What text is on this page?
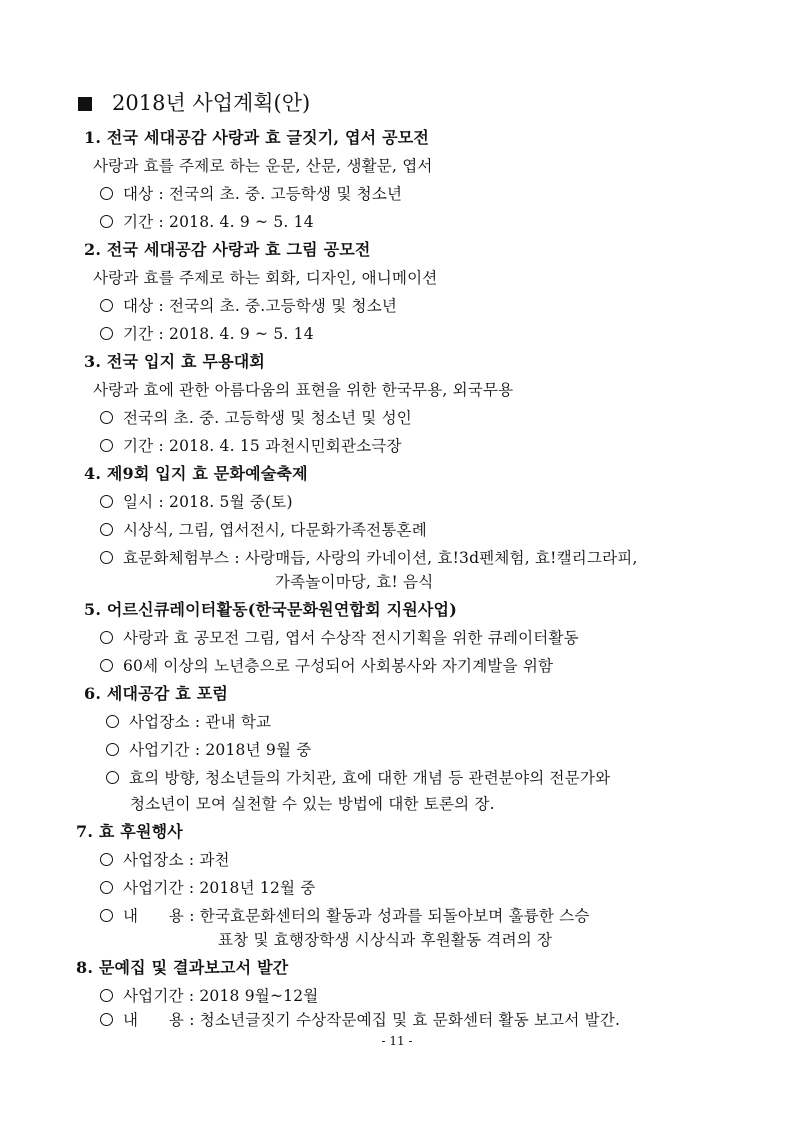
2018년 사업계획(안)
1. 전국 세대공감 사랑과 효 글짓기, 엽서 공모전
사랑과 효를 주제로 하는 운문, 산문, 생활문, 엽서
대상 : 전국의 초. 중. 고등학생 및 청소년
기간 : 2018. 4. 9 ~ 5. 14
2. 전국 세대공감 사랑과 효 그림 공모전
사랑과 효를 주제로 하는 회화, 디자인, 애니메이션
대상 : 전국의 초. 중.고등학생 및 청소년
기간 : 2018. 4. 9 ~ 5. 14
3. 전국 입지 효 무용대회
사랑과 효에 관한 아름다움의 표현을 위한 한국무용, 외국무용
전국의 초. 중. 고등학생 및 청소년 및 성인
기간 : 2018. 4. 15 과천시민회관소극장
4. 제9회 입지 효 문화예술축제
일시 : 2018. 5월 중(토)
시상식, 그림, 엽서전시, 다문화가족전통혼례
효문화체험부스 : 사랑매듭, 사랑의 카네이션, 효!3d펜체험, 효!캘리그라피,
가족놀이마당, 효! 음식
5. 어르신큐레이터활동(한국문화원연합회 지원사업)
사랑과 효 공모전 그림, 엽서 수상작 전시기획을 위한 큐레이터활동
60세 이상의 노년층으로 구성되어 사회봉사와 자기계발을 위함
6. 세대공감 효 포럼
사업장소 : 관내 학교
사업기간 : 2018년 9월 중
효의 방향, 청소년들의 가치관, 효에 대한 개념 등 관련분야의 전문가와
청소년이 모여 실천할 수 있는 방법에 대한 토론의 장.
7. 효 후원행사
사업장소 : 과천
사업기간 : 2018년 12월 중
내      용 : 한국효문화센터의 활동과 성과를 되돌아보며 훌륭한 스승
표창 및 효행장학생 시상식과 후원활동 격려의 장
8. 문예집 및 결과보고서 발간
사업기간 : 2018 9월~12월
내      용 : 청소년글짓기 수상작문예집 및 효 문화센터 활동 보고서 발간.
- 11 -
